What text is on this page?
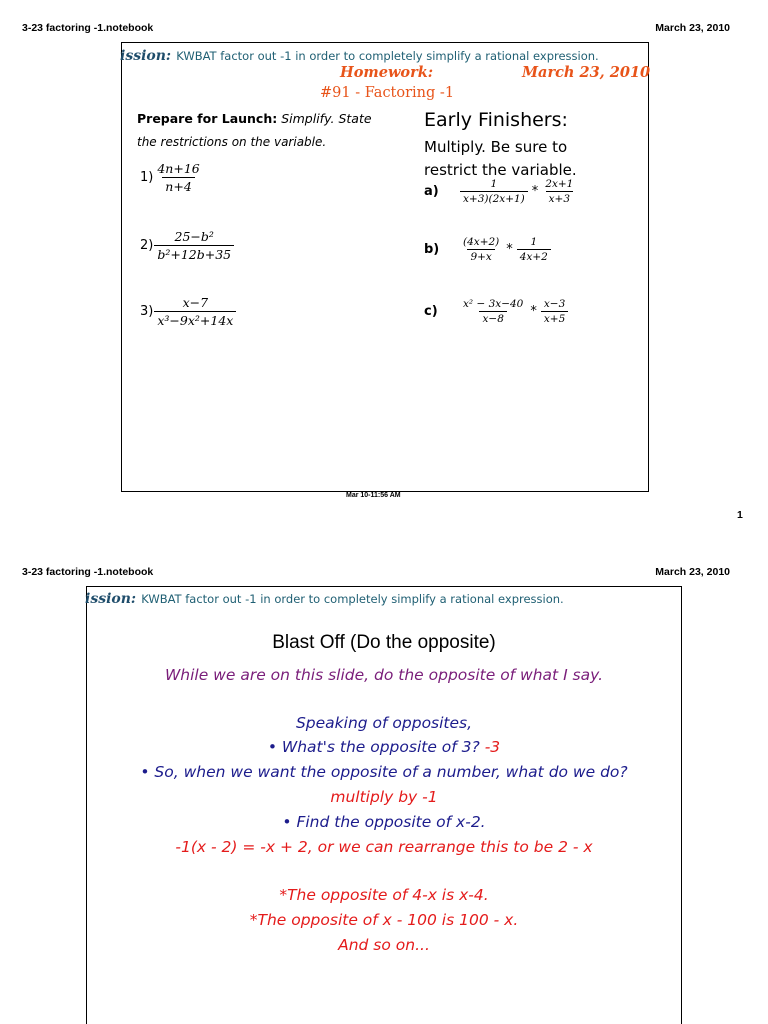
3-23 factoring -1.notebook	March 23, 2010
ission: KWBAT factor out -1 in order to completely simplify a rational expression.
Homework:	March 23, 2010
#91 - Factoring -1
Prepare for Launch: Simplify. State
the restrictions on the variable.
$1) \frac{4n+16}{n+4}$
$2) \frac{\text{25−b²}}{\text{b²+12b+35}}$
$3) \frac{x-7}{\text{x³−9x²+14x}}$
Early Finishers:
Multiply. Be sure to
restrict the variable.
a)	$\frac{1}{x+3)(2x+1)} * \frac{2x+1}{x+3}$
b)	$\frac{(4x+2)}{9+x} * \frac{1}{4x+2}$
c)	$\frac{\text{x² − 3x−40}}{x-8} * \frac{x-3}{x+5}$
Mar 10-11:56 AM
1
3-23 factoring -1.notebook	March 23, 2010
ission: KWBAT factor out -1 in order to completely simplify a rational expression.
Blast Off (Do the opposite)
While we are on this slide, do the opposite of what I say.
Speaking of opposites,
• What's the opposite of 3? -3
• So, when we want the opposite of a number, what do we do?
multiply by -1
• Find the opposite of x-2.
-1(x - 2) = -x + 2, or we can rearrange this to be 2 - x
*The opposite of 4-x is x-4.
*The opposite of x - 100 is 100 - x.
And so on...
